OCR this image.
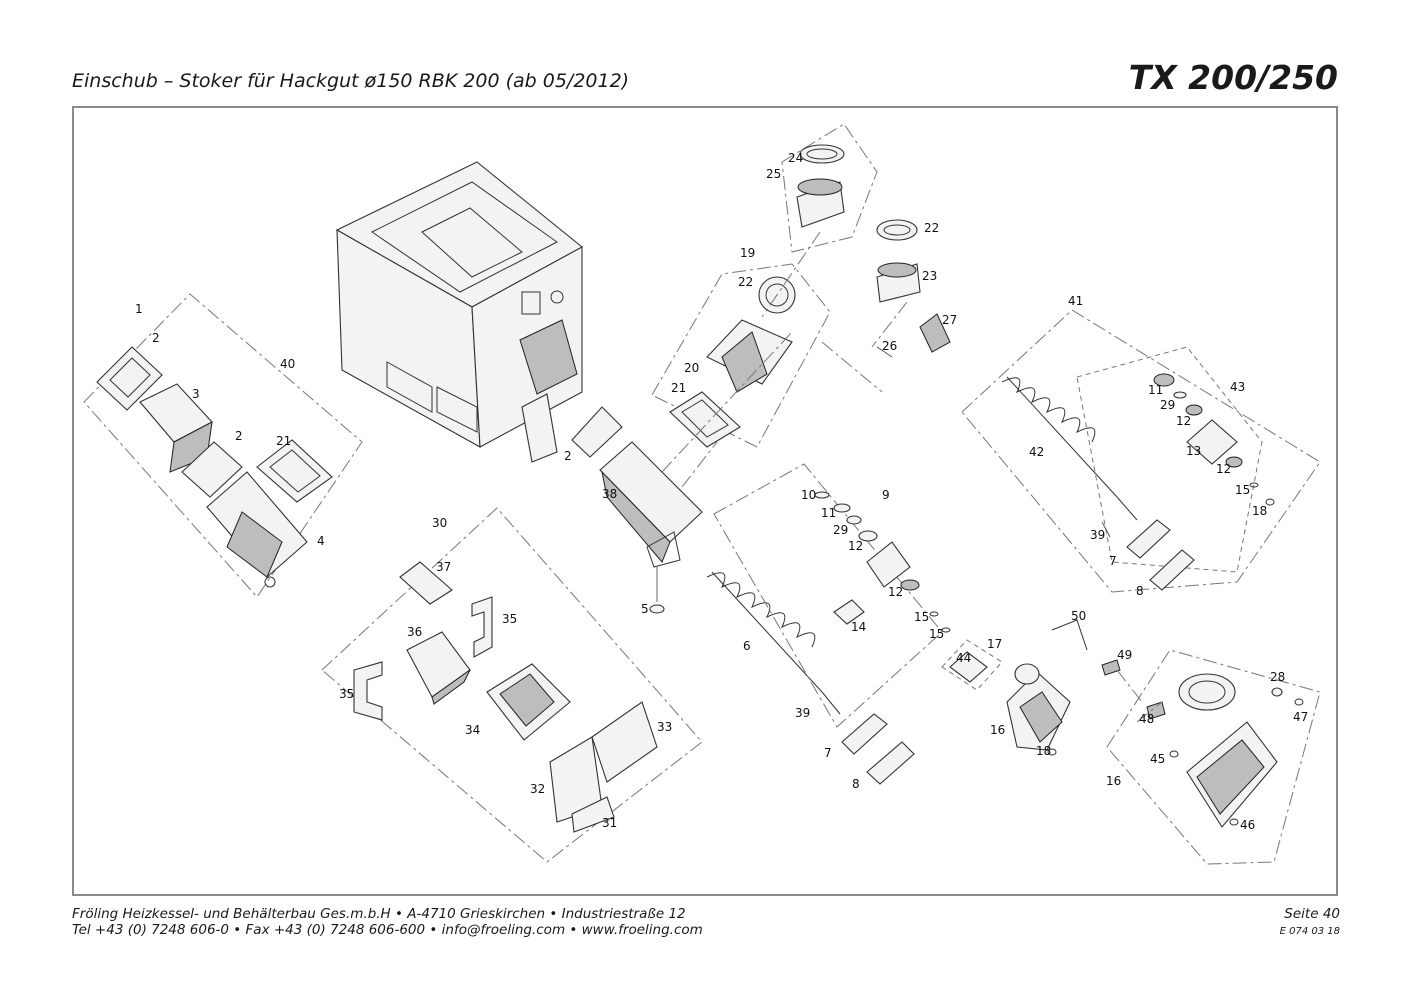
Einschub – Stoker für Hackgut ø150 RBK 200 (ab 05/2012)	TX 200/250
1
2
3
2
40
21
4
2
38
5
6
39
7
8
19
22
20
21
24
25
22
23
27
26
10
11
29
12
12
9
14
15
15
17
44
16
18
41
42
39
7
8
11
29
12
13
12
43
15
18
30
37
35
36
35
34	33
32
31
50
49
48
28
47
45
16
46
Fröling Heizkessel- und Behälterbau Ges.m.b.H • A-4710 Grieskirchen • Industriestraße 12
Tel +43 (0) 7248 606-0 • Fax +43 (0) 7248 606-600 • info@froeling.com • www.froeling.com
Seite 40
E 074 03 18
